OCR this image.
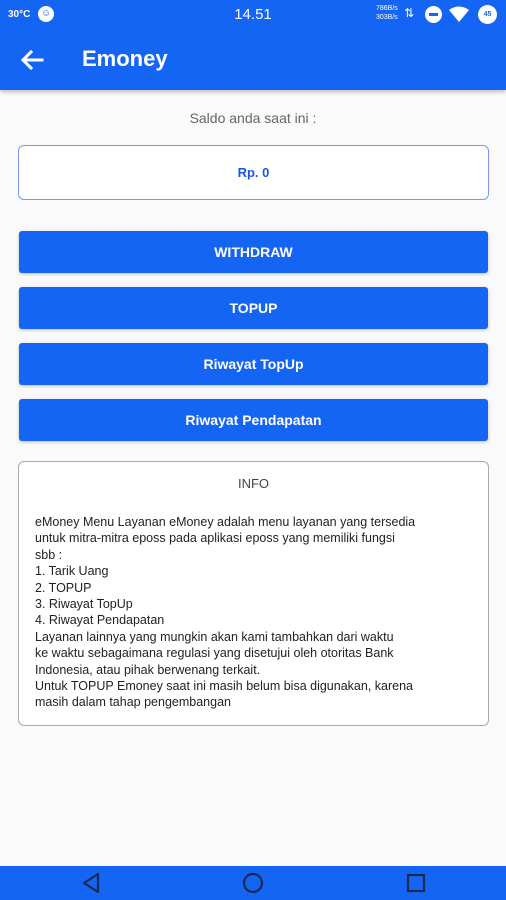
30°C ☺	14.51	786B/s
303B/s ⇅	45
Emoney
Saldo anda saat ini :
Rp. 0
WITHDRAW
TOPUP
Riwayat TopUp
Riwayat Pendapatan
INFO
eMoney Menu Layanan eMoney adalah menu layanan yang tersedia
untuk mitra-mitra eposs pada aplikasi eposs yang memiliki fungsi
sbb :
1. Tarik Uang
2. TOPUP
3. Riwayat TopUp
4. Riwayat Pendapatan
Layanan lainnya yang mungkin akan kami tambahkan dari waktu
ke waktu sebagaimana regulasi yang disetujui oleh otoritas Bank
Indonesia, atau pihak berwenang terkait.
Untuk TOPUP Emoney saat ini masih belum bisa digunakan, karena
masih dalam tahap pengembangan
